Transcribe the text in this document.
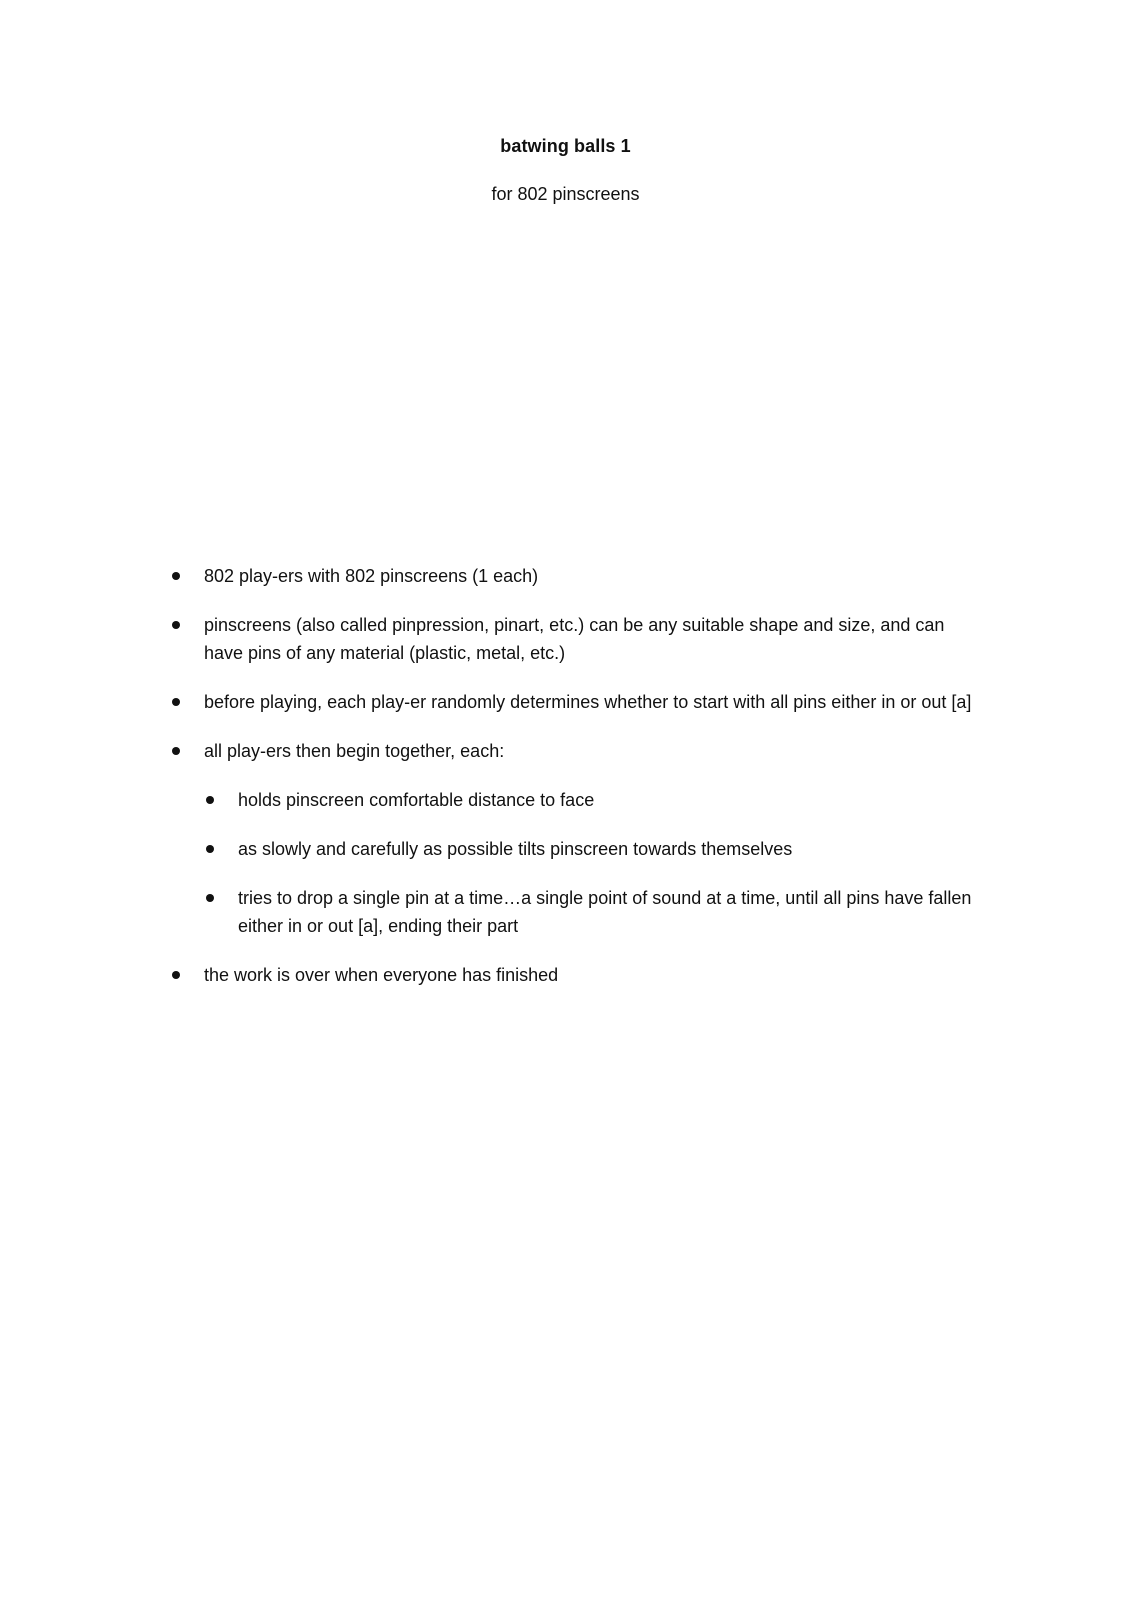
batwing balls 1
for 802 pinscreens
802 play-ers with 802 pinscreens (1 each)
pinscreens (also called pinpression, pinart, etc.) can be any suitable shape and size, and can have pins of any material (plastic, metal, etc.)
before playing, each play-er randomly determines whether to start with all pins either in or out [a]
all play-ers then begin together, each:
holds pinscreen comfortable distance to face
as slowly and carefully as possible tilts pinscreen towards themselves
tries to drop a single pin at a time…a single point of sound at a time, until all pins have fallen either in or out [a], ending their part
the work is over when everyone has finished
